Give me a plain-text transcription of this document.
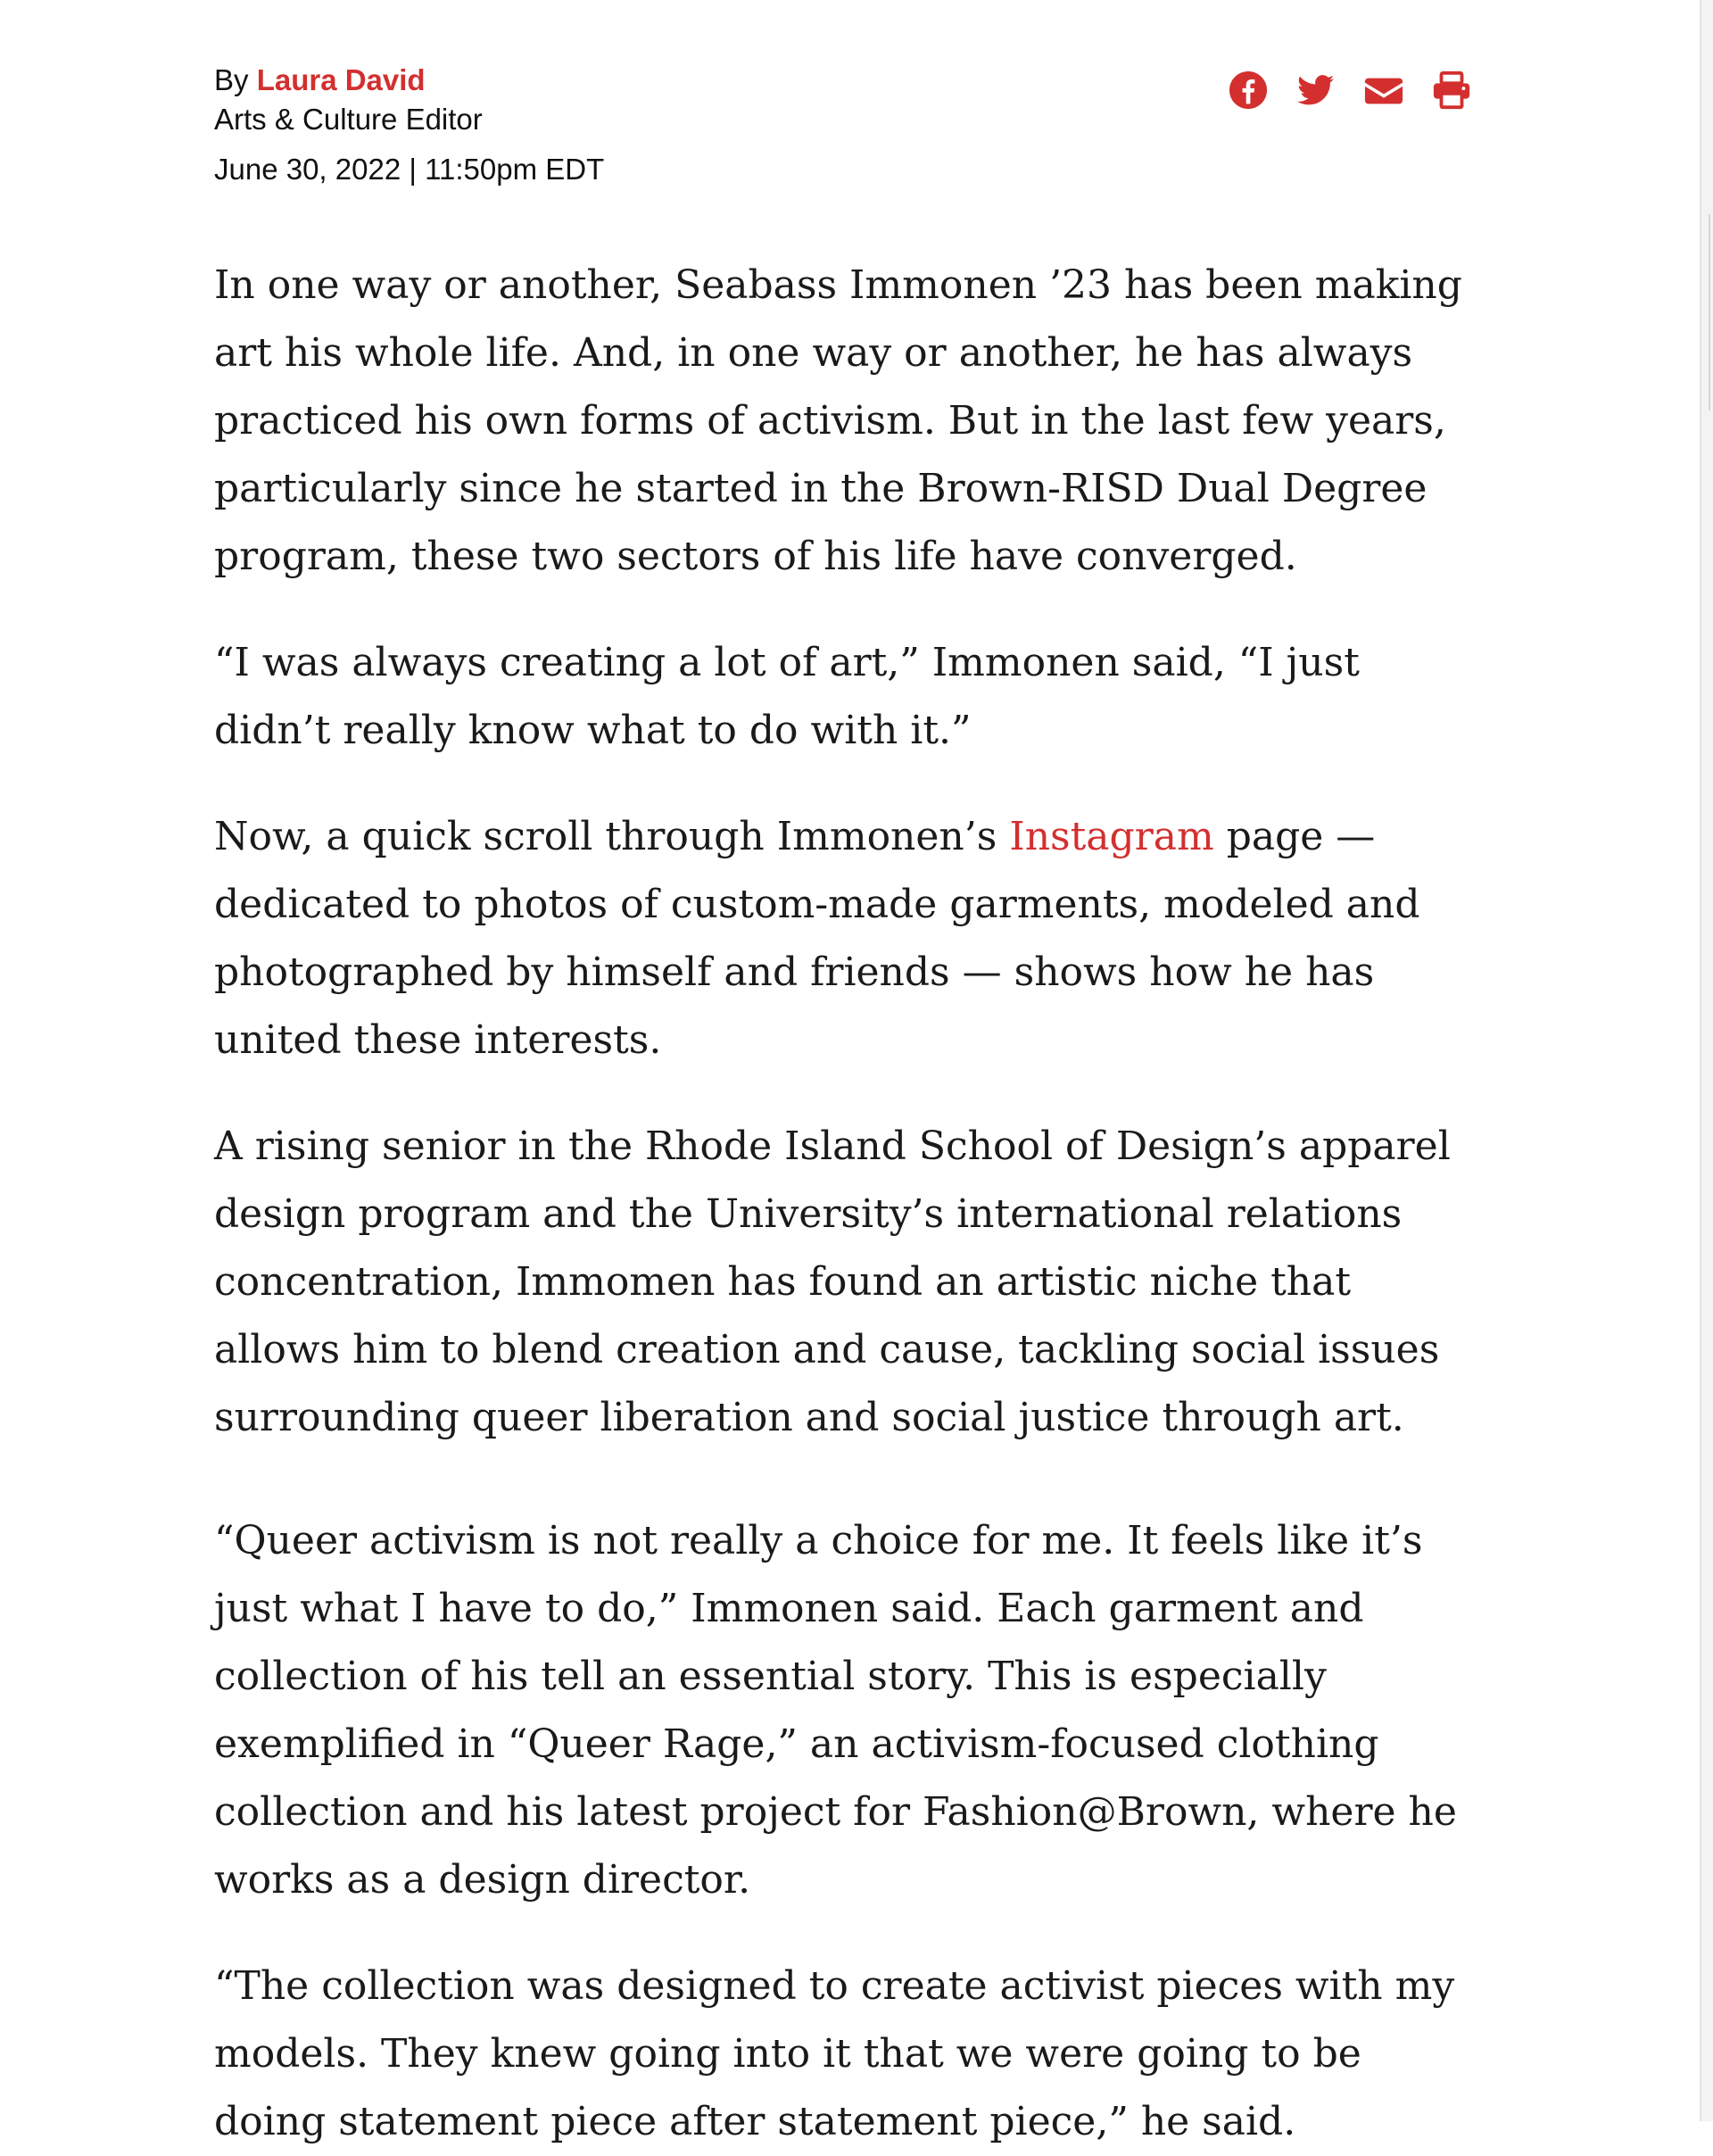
By Laura David
Arts & Culture Editor
June 30, 2022 | 11:50pm EDT

In one way or another, Seabass Immonen ’23 has been making art his whole life. And, in one way or another, he has always practiced his own forms of activism. But in the last few years, particularly since he started in the Brown-RISD Dual Degree program, these two sectors of his life have converged.

“I was always creating a lot of art,” Immonen said, “I just didn’t really know what to do with it.”

Now, a quick scroll through Immonen’s Instagram page — dedicated to photos of custom-made garments, modeled and photographed by himself and friends — shows how he has united these interests.

A rising senior in the Rhode Island School of Design’s apparel design program and the University’s international relations concentration, Immomen has found an artistic niche that allows him to blend creation and cause, tackling social issues surrounding queer liberation and social justice through art.

“Queer activism is not really a choice for me. It feels like it’s just what I have to do,” Immonen said. Each garment and collection of his tell an essential story. This is especially exemplified in “Queer Rage,” an activism-focused clothing collection and his latest project for Fashion@Brown, where he works as a design director.

“The collection was designed to create activist pieces with my models. They knew going into it that we were going to be doing statement piece after statement piece,” he said.
